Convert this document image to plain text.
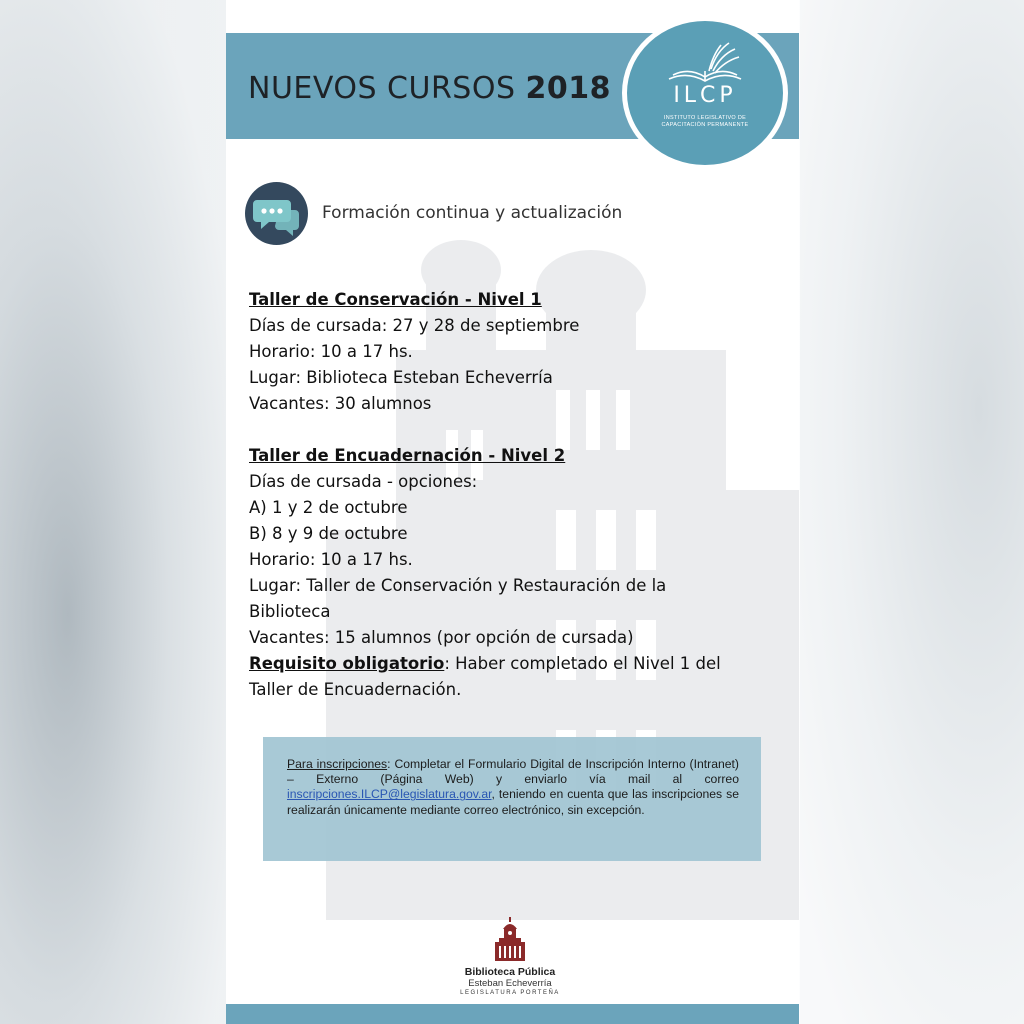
NUEVOS CURSOS 2018	ILCP
INSTITUTO LEGISLATIVO DE
CAPACITACIÓN PERMANENTE
Formación continua y actualización

Taller de Conservación - Nivel 1

Días de cursada: 27 y 28 de septiembre

Horario: 10 a 17 hs.

Lugar: Biblioteca Esteban Echeverría

Vacantes: 30 alumnos

Taller de Encuadernación - Nivel 2

Días de cursada - opciones:

A) 1 y 2 de octubre

B) 8 y 9 de octubre

Horario: 10 a 17 hs.

Lugar: Taller de Conservación y Restauración de la

Biblioteca

Vacantes: 15 alumnos (por opción de cursada)

Requisito obligatorio: Haber completado el Nivel 1 del

Taller de Encuadernación.

Para inscripciones: Completar el Formulario Digital de Inscripción Interno (Intranet) – Externo (Página Web) y enviarlo vía mail al correo inscripciones.ILCP@legislatura.gov.ar, teniendo en cuenta que las inscripciones se realizarán únicamente mediante correo electrónico, sin excepción.
Biblioteca Pública
Esteban Echeverría
LEGISLATURA PORTEÑA
